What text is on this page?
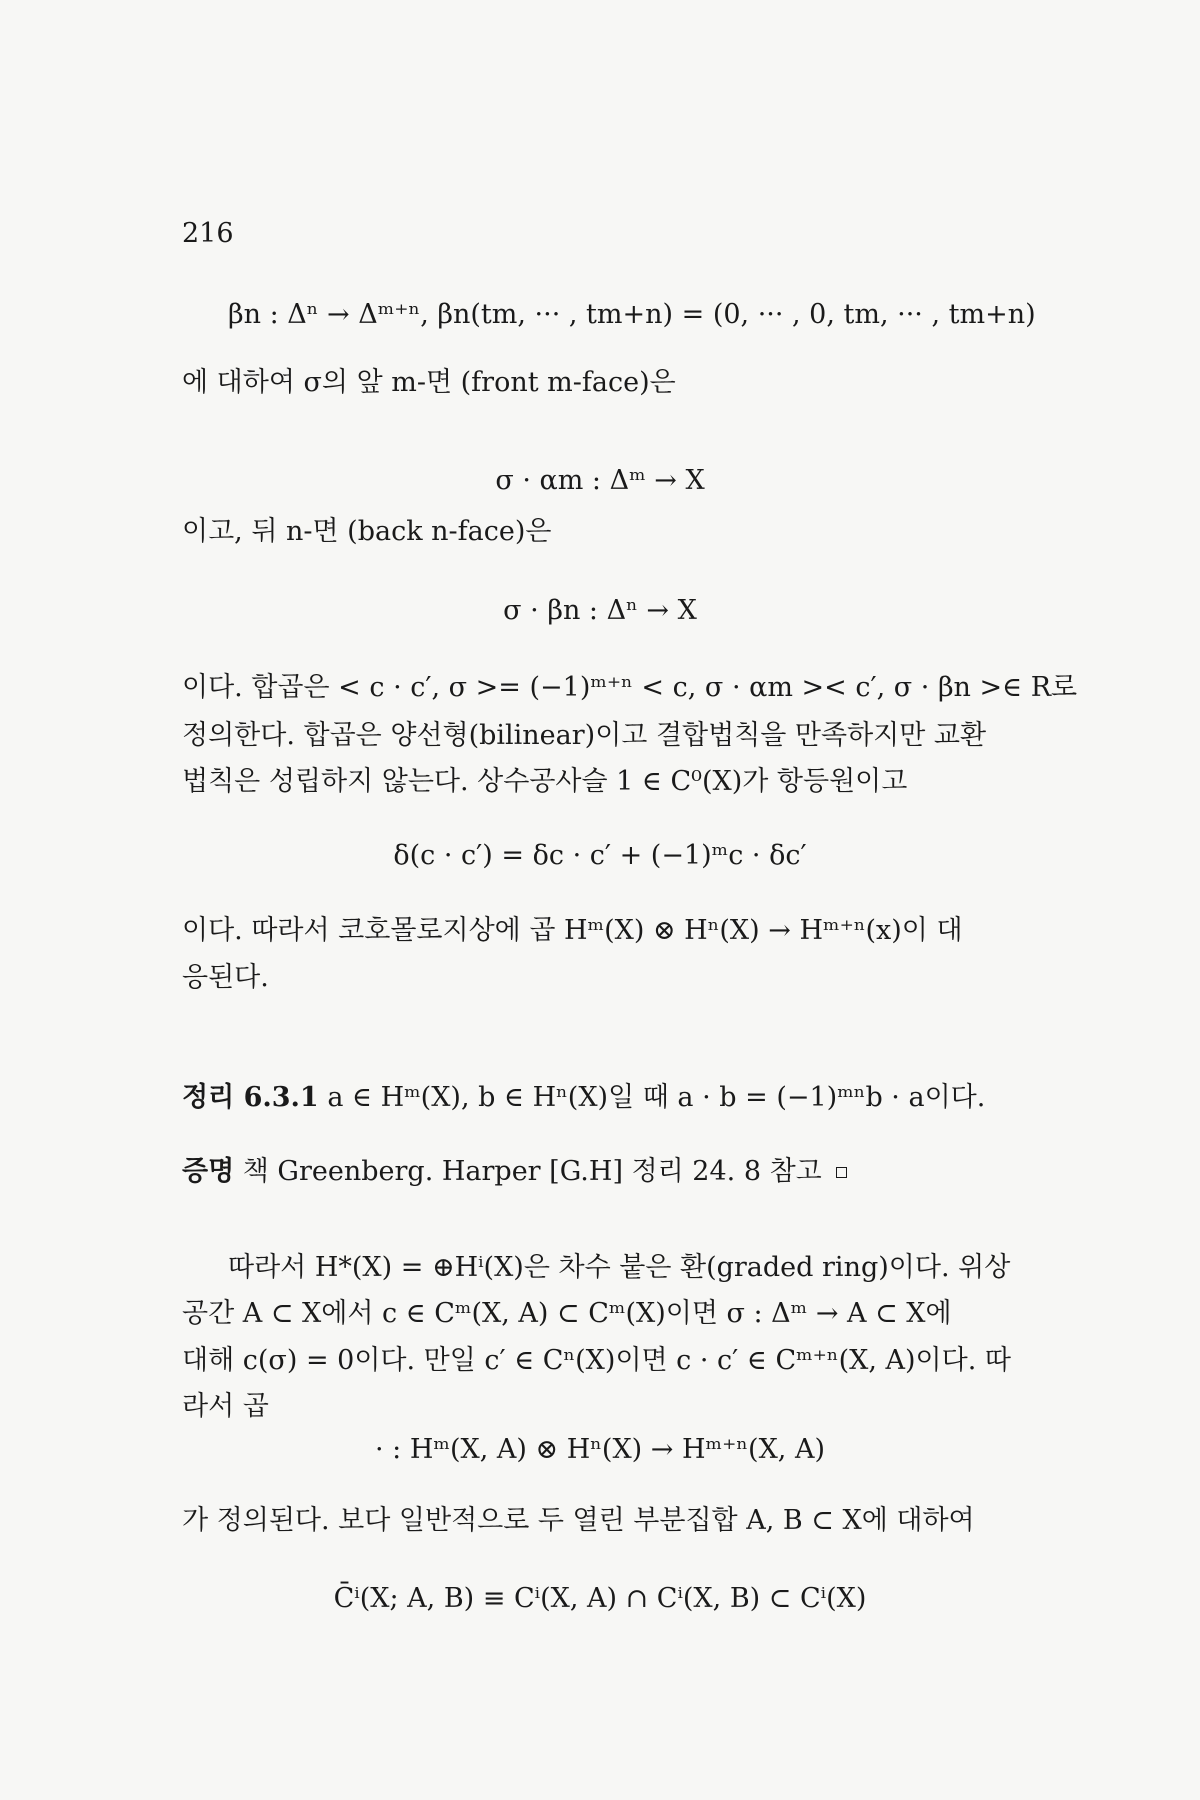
216
βn : Δⁿ → Δᵐ⁺ⁿ, βn(tm, ··· , tm+n) = (0, ··· , 0, tm, ··· , tm+n)
에 대하여 σ의 앞 m-면 (front m-face)은
σ · αm : Δᵐ → X
이고, 뒤 n-면 (back n-face)은
σ · βn : Δⁿ → X
이다. 합곱은 < c · c′, σ >= (−1)ᵐ⁺ⁿ < c, σ · αm >< c′, σ · βn >∈ R로
정의한다. 합곱은 양선형(bilinear)이고 결합법칙을 만족하지만 교환
법칙은 성립하지 않는다. 상수공사슬 1 ∈ C⁰(X)가 항등원이고
δ(c · c′) = δc · c′ + (−1)ᵐc · δc′
이다. 따라서 코호몰로지상에 곱 Hᵐ(X) ⊗ Hⁿ(X) → Hᵐ⁺ⁿ(x)이 대
응된다.
정리 6.3.1 a ∈ Hᵐ(X), b ∈ Hⁿ(X)일 때 a · b = (−1)ᵐⁿb · a이다.
증명 책 Greenberg. Harper [G.H] 정리 24. 8 참고
따라서 H*(X) = ⊕Hⁱ(X)은 차수 붙은 환(graded ring)이다. 위상
공간 A ⊂ X에서 c ∈ Cᵐ(X, A) ⊂ Cᵐ(X)이면 σ : Δᵐ → A ⊂ X에
대해 c(σ) = 0이다. 만일 c′ ∈ Cⁿ(X)이면 c · c′ ∈ Cᵐ⁺ⁿ(X, A)이다. 따
라서 곱
· : Hᵐ(X, A) ⊗ Hⁿ(X) → Hᵐ⁺ⁿ(X, A)
가 정의된다. 보다 일반적으로 두 열린 부분집합 A, B ⊂ X에 대하여
C̄ⁱ(X; A, B) ≡ Cⁱ(X, A) ∩ Cⁱ(X, B) ⊂ Cⁱ(X)
